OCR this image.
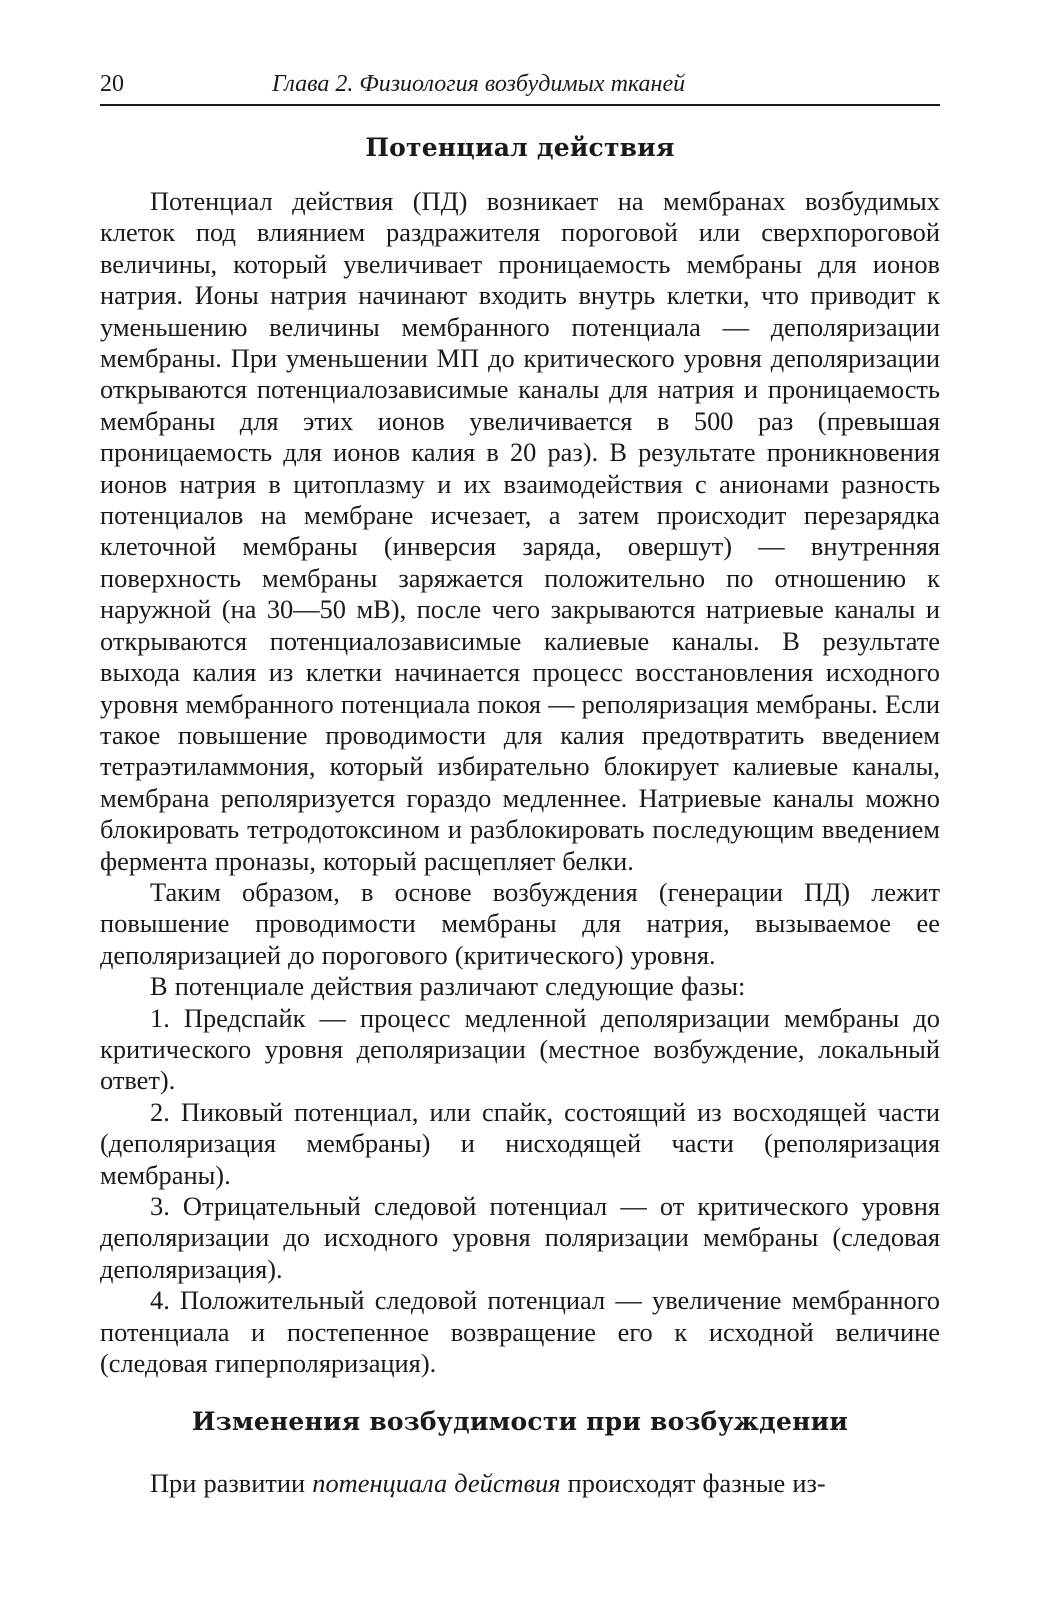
20	Глава 2. Физиология возбудимых тканей
Потенциал действия

Потенциал действия (ПД) возникает на мембранах возбудимых клеток под влиянием раздражителя пороговой или сверхпороговой величины, который увеличивает проницаемость мембраны для ионов натрия. Ионы натрия начинают входить внутрь клетки, что приводит к уменьшению величины мембранного потенциала — деполяризации мембраны. При уменьшении МП до критического уровня деполяризации открываются потенциалозависимые каналы для натрия и проницаемость мембраны для этих ионов увеличивается в 500 раз (превышая проницаемость для ионов калия в 20 раз). В результате проникновения ионов натрия в цитоплазму и их взаимодействия с анионами разность потенциалов на мембране исчезает, а затем происходит перезарядка клеточной мембраны (инверсия заряда, овершут) — внутренняя поверхность мембраны заряжается положительно по отношению к наружной (на 30—50 мВ), после чего закрываются натриевые каналы и открываются потенциалозависимые калиевые каналы. В результате выхода калия из клетки начинается процесс восстановления исходного уровня мембранного потенциала покоя — реполяризация мембраны. Если такое повышение проводимости для калия предотвратить введением тетраэтиламмония, который избирательно блокирует калиевые каналы, мембрана реполяризуется гораздо медленнее. Натриевые каналы можно блокировать тетродотоксином и разблокировать последующим введением фермента проназы, который расщепляет белки.

Таким образом, в основе возбуждения (генерации ПД) лежит повышение проводимости мембраны для натрия, вызываемое ее деполяризацией до порогового (критического) уровня.

В потенциале действия различают следующие фазы:

1. Предспайк — процесс медленной деполяризации мембраны до критического уровня деполяризации (местное возбуждение, локальный ответ).

2. Пиковый потенциал, или спайк, состоящий из восходящей части (деполяризация мембраны) и нисходящей части (реполяризация мембраны).

3. Отрицательный следовой потенциал — от критического уровня деполяризации до исходного уровня поляризации мембраны (следовая деполяризация).

4. Положительный следовой потенциал — увеличение мембранного потенциала и постепенное возвращение его к исходной величине (следовая гиперполяризация).

Изменения возбудимости при возбуждении

При развитии потенциала действия происходят фазные из-
